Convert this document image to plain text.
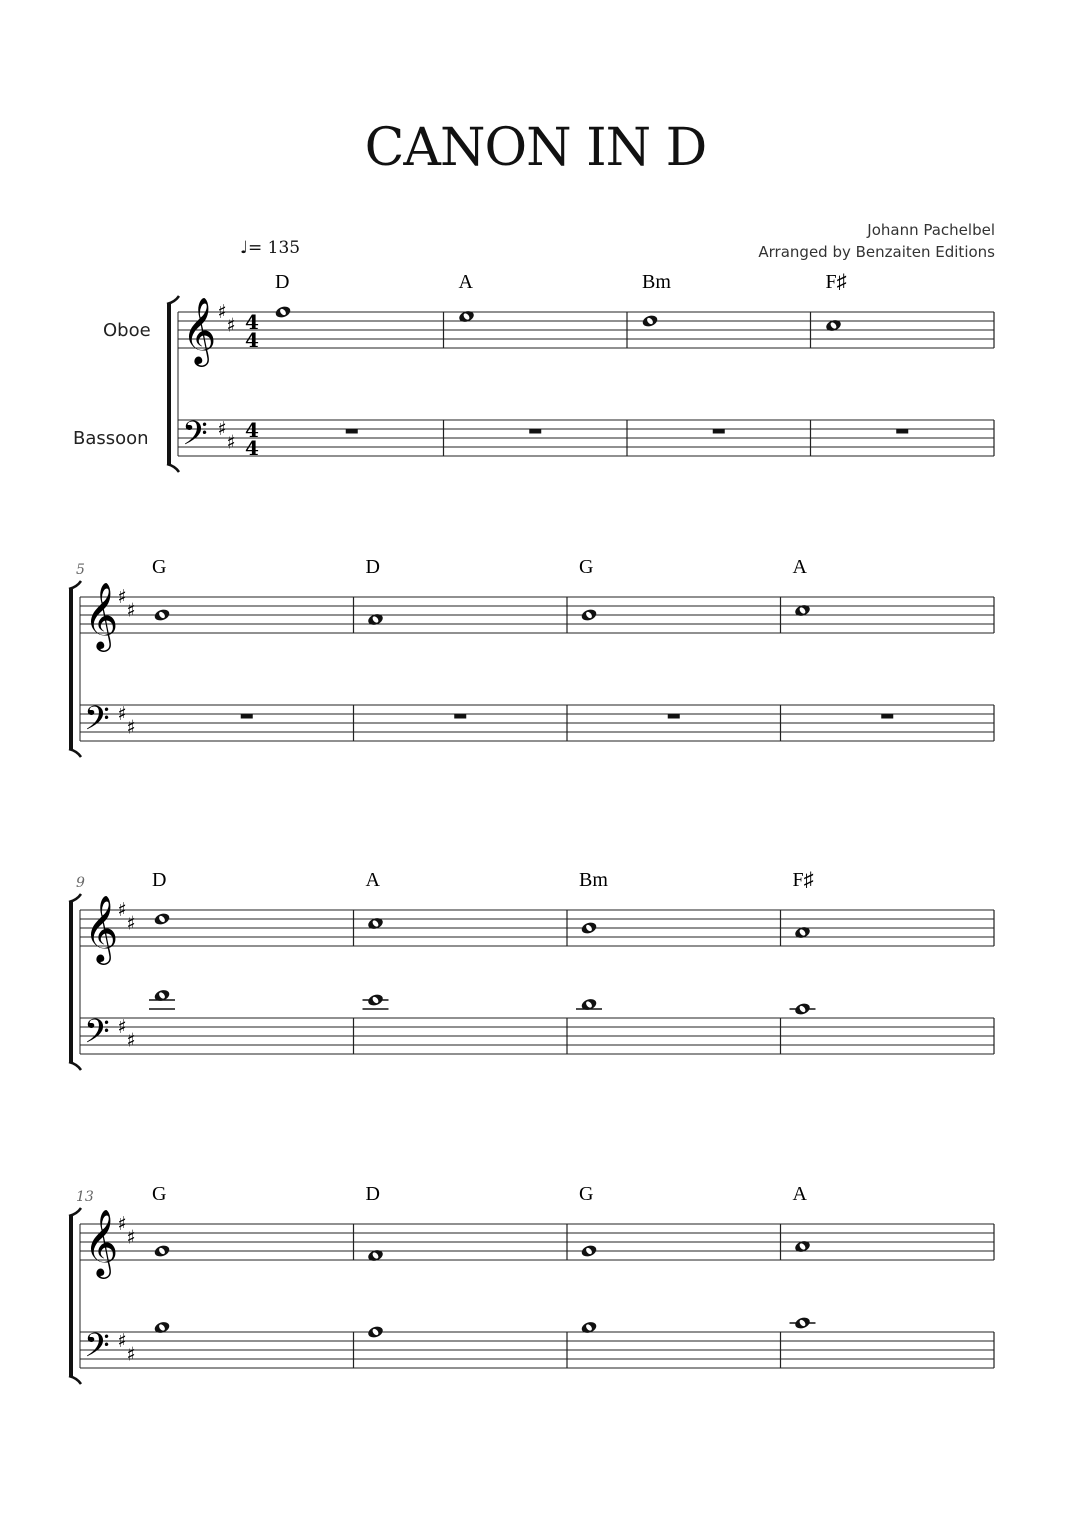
CANON IN D
Johann Pachelbel
Arranged by Benzaiten Editions
♩= 135
Oboe
Bassoon
𝄞
𝄢
♯
♯
♯
♯
4
4
4
4
D	A	Bm	F♯
𝄞
𝄢
♯
♯
♯
♯
5	G	D	G	A
𝄞
𝄢
♯
♯
♯
♯
9	D	A	Bm	F♯
𝄞
𝄢
♯
♯
♯
♯
13	G	D	G	A
